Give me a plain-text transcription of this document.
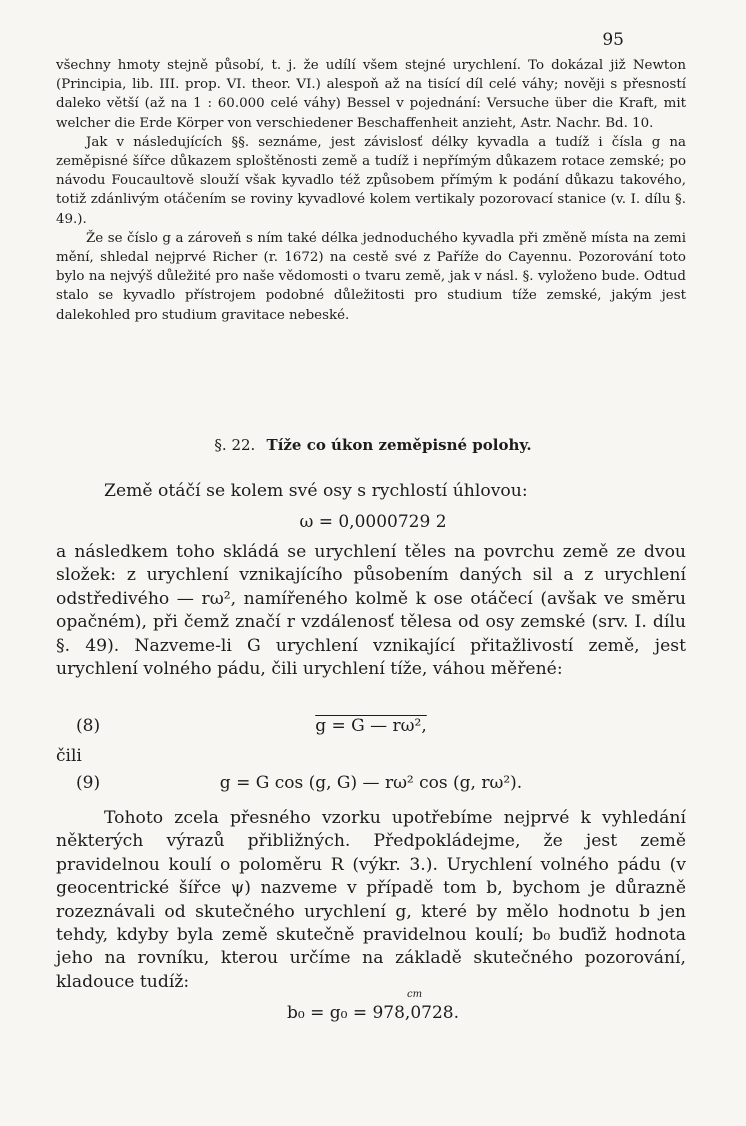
95

všechny hmoty stejně působí, t. j. že udílí všem stejné urychlení. To dokázal již Newton (Principia, lib. III. prop. VI. theor. VI.) alespoň až na tisící díl celé váhy; nověji s přesností daleko větší (až na 1 : 60.000 celé váhy) Bessel v pojednání: Versuche über die Kraft, mit welcher die Erde Körper von verschiedener Beschaffenheit anzieht, Astr. Nachr. Bd. 10.

Jak v následujících §§. seznáme, jest závislosť délky kyvadla a tudíž i čísla g na zeměpisné šířce důkazem sploštěnosti země a tudíž i nepřímým důkazem rotace zemské; po návodu Foucaultově slouží však kyvadlo též způsobem přímým k podání důkazu takového, totiž zdánlivým otáčením se roviny kyvadlové kolem vertikaly pozorovací stanice (v. I. dílu §. 49.).

Že se číslo g a zároveň s ním také délka jednoduchého kyvadla při změně místa na zemi mění, shledal nejprvé Richer (r. 1672) na cestě své z Paříže do Cayennu. Pozorování toto bylo na nejvýš důležité pro naše vědomosti o tvaru země, jak v násl. §. vyloženo bude. Odtud stalo se kyvadlo přístrojem podobné důležitosti pro studium tíže zemské, jakým jest dalekohled pro studium gravitace nebeské.

§. 22. Tíže co úkon zeměpisné polohy.

Země otáčí se kolem své osy s rychlostí úhlovou:

ω = 0,0000729 2

a následkem toho skládá se urychlení těles na povrchu země ze dvou složek: z urychlení vznikajícího působením daných sil a z urychlení odstředivého — rω², namířeného kolmě k ose otáčecí (avšak ve směru opačném), při čemž značí r vzdálenosť tělesa od osy zemské (srv. I. dílu §. 49). Nazveme-li G urychlení vznikající přitažlivostí země, jest urychlení volného pádu, čili urychlení tíže, váhou měřené:

(8)	g = G — rω²,
čili
(9)	g = G cos (g, G) — rω² cos (g, rω²).

Tohoto zcela přesného vzorku upotřebíme nejprvé k vyhledání některých výrazů přibližných. Předpokládejme, že jest země pravidelnou koulí o poloměru R (výkr. 3.). Urychlení volného pádu (v geocentrické šířce ψ) nazveme v případě tom b, bychom je důrazně rozeznávali od skutečného urychlení g, které by mělo hodnotu b jen tehdy, kdyby byla země skutečně pravidelnou koulí; b₀ buďiž hodnota jeho na rovníku, kterou určíme na základě skutečného pozorování, kladouce tudíž:

cm
b₀ = g₀ = 978,0728.
